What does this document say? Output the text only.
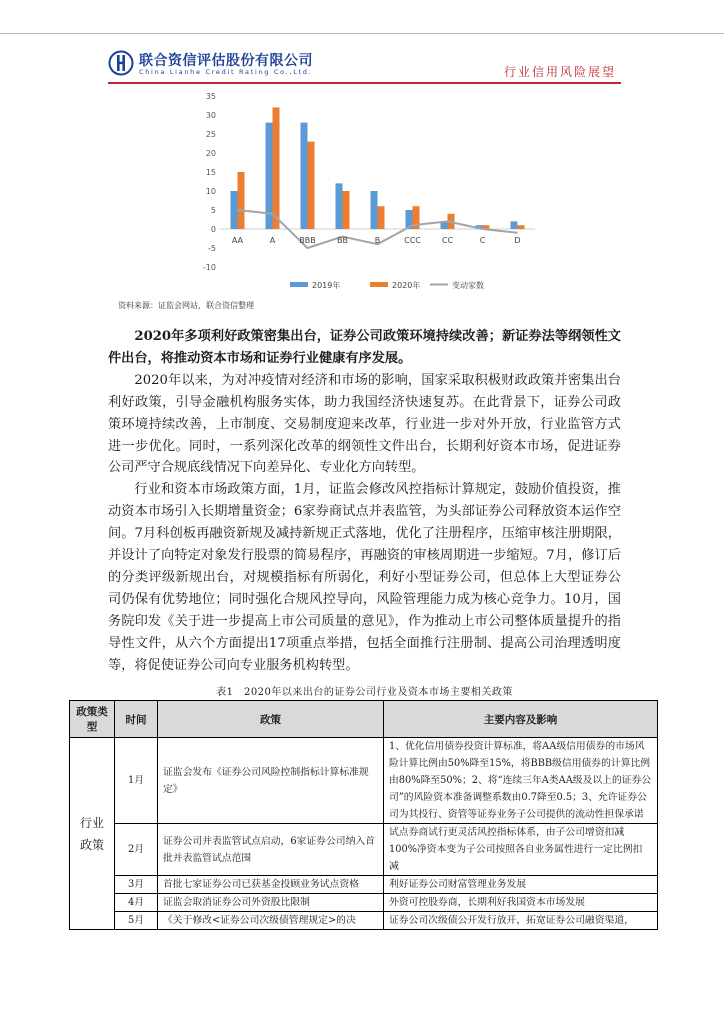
联合资信评估股份有限公司
China Lianhe Credit Rating Co.,Ltd.	行业信用风险展望
-10
-5
0
5
10
15
20
25
30
35
AA	A	BBB	BB	B	CCC	CC	C	D
2019年	2020年	变动家数
资料来源：证监会网站，联合资信整理

2020年多项利好政策密集出台，证券公司政策环境持续改善；新证券法等纲领性文件出台，将推动资本市场和证券行业健康有序发展。

2020年以来，为对冲疫情对经济和市场的影响，国家采取积极财政政策并密集出台利好政策，引导金融机构服务实体，助力我国经济快速复苏。在此背景下，证券公司政策环境持续改善，上市制度、交易制度迎来改革，行业进一步对外开放，行业监管方式进一步优化。同时，一系列深化改革的纲领性文件出台，长期利好资本市场，促进证券公司严守合规底线情况下向差异化、专业化方向转型。

行业和资本市场政策方面，1月，证监会修改风控指标计算规定，鼓励价值投资，推动资本市场引入长期增量资金；6家券商试点并表监管，为头部证券公司释放资本运作空间。7月科创板再融资新规及减持新规正式落地，优化了注册程序，压缩审核注册期限，并设计了向特定对象发行股票的简易程序，再融资的审核周期进一步缩短。7月，修订后的分类评级新规出台，对规模指标有所弱化，利好小型证券公司，但总体上大型证券公司仍保有优势地位；同时强化合规风控导向，风险管理能力成为核心竞争力。10月，国务院印发《关于进一步提高上市公司质量的意见》，作为推动上市公司整体质量提升的指导性文件，从六个方面提出17项重点举措，包括全面推行注册制、提高公司治理透明度等，将促使证券公司向专业服务机构转型。

表1　2020年以来出台的证券公司行业及资本市场主要相关政策
政策类型	时间	政策	主要内容及影响
行业政策	1月	证监会发布《证券公司风险控制指标计算标准规定》	1、优化信用债券投资计算标准，将AA级信用债券的市场风险计算比例由50%降至15%，将BBB级信用债券的计算比例由80%降至50%；2、将“连续三年A类AA级及以上的证券公司”的风险资本准备调整系数由0.7降至0.5；3、允许证券公司为其投行、资管等证券业务子公司提供的流动性担保承诺

	2月	证券公司并表监管试点启动，6家证券公司纳入首批并表监管试点范围	试点券商试行更灵活风控指标体系，由子公司增资扣减100%净资本变为子公司按照各自业务属性进行一定比例扣减
	3月	首批七家证券公司已获基金投顾业务试点资格	利好证券公司财富管理业务发展
	4月	证监会取消证券公司外资股比限制	外资可控股券商，长期利好我国资本市场发展
	5月	《关于修改<证券公司次级债管理规定>的决	证券公司次级债公开发行放开，拓宽证券公司融资渠道，
